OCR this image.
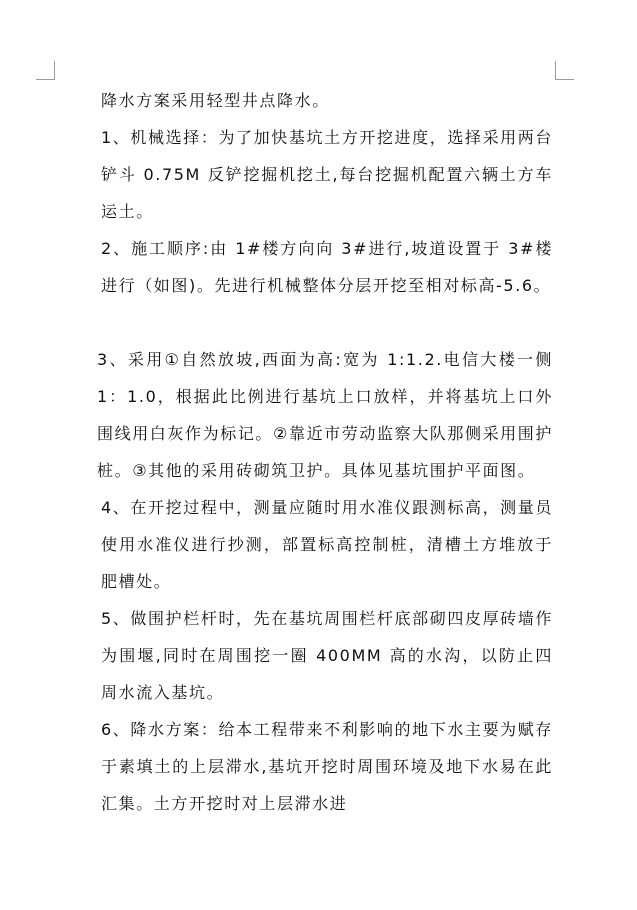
降水方案采用轻型井点降水。

1、机械选择：为了加快基坑土方开挖进度，选择采用两台铲斗 0.75M 反铲挖掘机挖土,每台挖掘机配置六辆土方车运土。

2、施工顺序:由 1#楼方向向 3#进行,坡道设置于 3#楼进行（如图)。先进行机械整体分层开挖至相对标高-5.6。

3、采用①自然放坡,西面为高:宽为 1:1.2.电信大楼一侧 1：1.0，根据此比例进行基坑上口放样，并将基坑上口外围线用白灰作为标记。②靠近市劳动监察大队那侧采用围护桩。③其他的采用砖砌筑卫护。具体见基坑围护平面图。

4、在开挖过程中，测量应随时用水准仪跟测标高，测量员使用水准仪进行抄测，部置标高控制桩，清槽土方堆放于肥槽处。

5、做围护栏杆时，先在基坑周围栏杆底部砌四皮厚砖墙作为围堰,同时在周围挖一圈 400MM 高的水沟，以防止四周水流入基坑。

6、降水方案：给本工程带来不利影响的地下水主要为赋存于素填土的上层滞水,基坑开挖时周围环境及地下水易在此汇集。土方开挖时对上层滞水进
